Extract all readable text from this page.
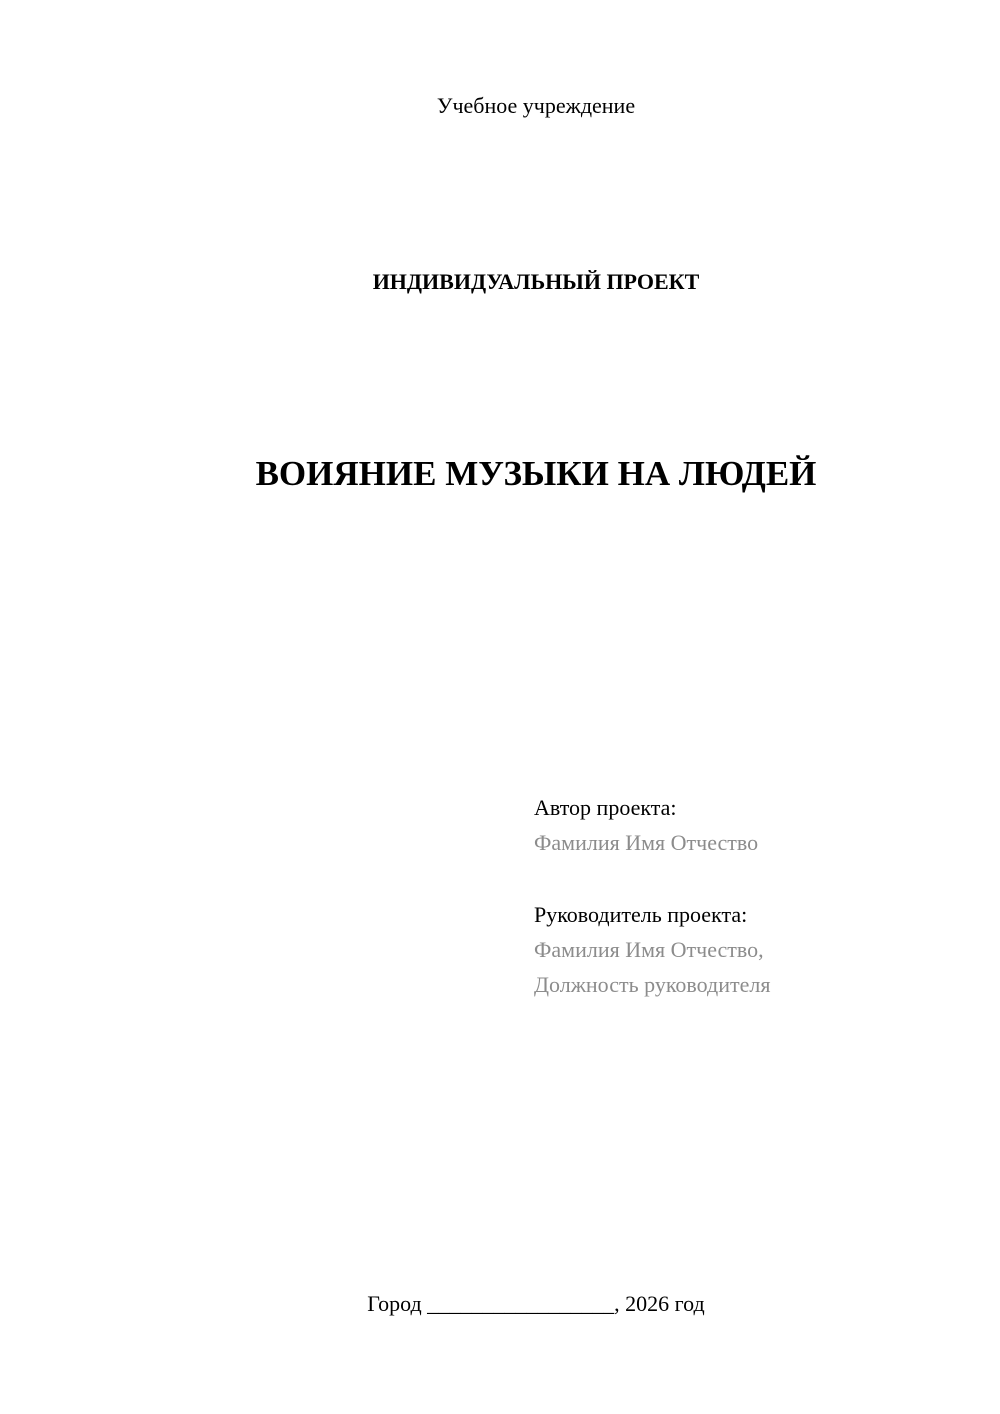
Учебное учреждение
ИНДИВИДУАЛЬНЫЙ ПРОЕКТ
ВОИЯНИЕ МУЗЫКИ НА ЛЮДЕЙ
Автор проекта:
Фамилия Имя Отчество
Руководитель проекта:
Фамилия Имя Отчество,
Должность руководителя
Город _________________, 2026 год
